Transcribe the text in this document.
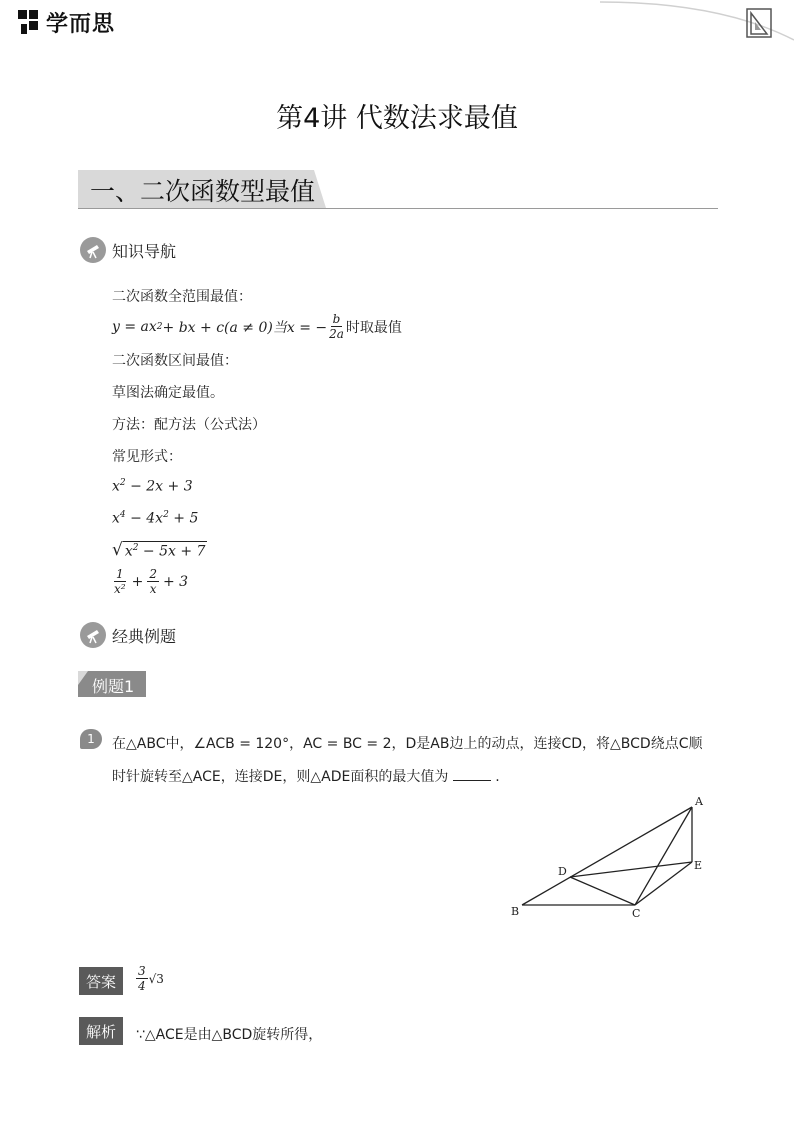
学而思
第4讲 代数法求最值
一、二次函数型最值
知识导航
二次函数全范围最值：
y = ax 2 + bx + c(a ≠ 0)当x = − $\frac{b}{2a}$ 时取最值
二次函数区间最值：
草图法确定最值。
方法：配方法（公式法）
常见形式：
$x^2 - 2x + 3$
$x^4 - 4x^2 + 5$
√ $x^2 - 5x + 7$
$\frac{1}{\text{x²}} + \frac{2}{x} + 3$
经典例题
例题1
1	在△ABC中，∠ACB = 120°，AC = BC = 2，D是AB边上的动点，连接CD，将△BCD绕点C顺
时针旋转至△ACE，连接DE，则△ADE面积的最大值为	.
A
B	C
D	E
答案	$\frac{3}{4} √3$
解析	∵△ACE是由△BCD旋转所得，
